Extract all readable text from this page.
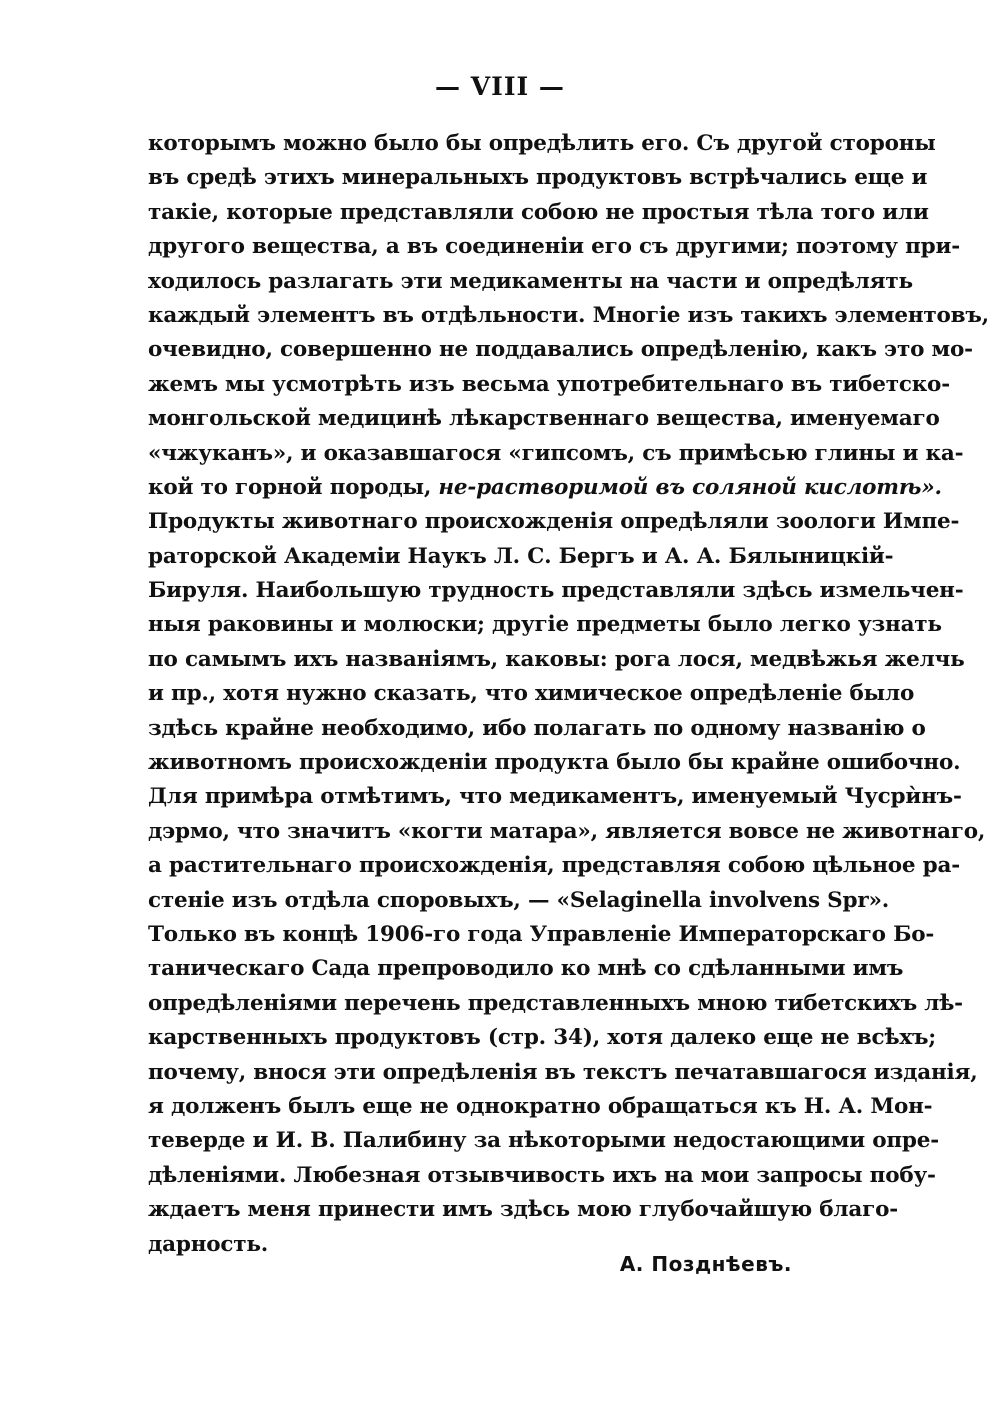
— VIII —
которымъ можно было бы опредѣлить его. Съ другой стороны
въ средѣ этихъ минеральныхъ продуктовъ встрѣчались еще и
такіе, которые представляли собою не простыя тѣла того или
другого вещества, а въ соединеніи его съ другими; поэтому при-
ходилось разлагать эти медикаменты на части и опредѣлять
каждый элементъ въ отдѣльности. Многіе изъ такихъ элементовъ,
очевидно, совершенно не поддавались опредѣленію, какъ это мо-
жемъ мы усмотрѣть изъ весьма употребительнаго въ тибетско-
монгольской медицинѣ лѣкарственнаго вещества, именуемаго
«чжуканъ», и оказавшагося «гипсомъ, съ примѣсью глины и ка-
кой то горной породы, не-растворимой въ соляной кислотѣ».
Продукты животнаго происхожденія опредѣляли зоологи Импе-
раторской Академіи Наукъ Л. С. Бергъ и А. А. Бялыницкій-
Бируля. Наибольшую трудность представляли здѣсь измельчен-
ныя раковины и молюски; другіе предметы было легко узнать
по самымъ ихъ названіямъ, каковы: рога лося, медвѣжья желчь
и пр., хотя нужно сказать, что химическое опредѣленіе было
здѣсь крайне необходимо, ибо полагать по одному названію о
животномъ происхожденіи продукта было бы крайне ошибочно.
Для примѣра отмѣтимъ, что медикаментъ, именуемый Чусрѝнъ-
дэрмо, что значитъ «когти матара», является вовсе не животнаго,
а растительнаго происхожденія, представляя собою цѣльное ра-
стеніе изъ отдѣла споровыхъ, — «Selaginella involvens Spr».
Только въ концѣ 1906-го года Управленіе Императорскаго Бо-
таническаго Сада препроводило ко мнѣ со сдѣланными имъ
опредѣленіями перечень представленныхъ мною тибетскихъ лѣ-
карственныхъ продуктовъ (стр. 34), хотя далеко еще не всѣхъ;
почему, внося эти опредѣленія въ текстъ печатавшагося изданія,
я долженъ былъ еще не однократно обращаться къ Н. А. Мон-
теверде и И. В. Палибину за нѣкоторыми недостающими опре-
дѣленіями. Любезная отзывчивость ихъ на мои запросы побу-
ждаетъ меня принести имъ здѣсь мою глубочайшую благо-
дарность.
А. Позднѣевъ.
